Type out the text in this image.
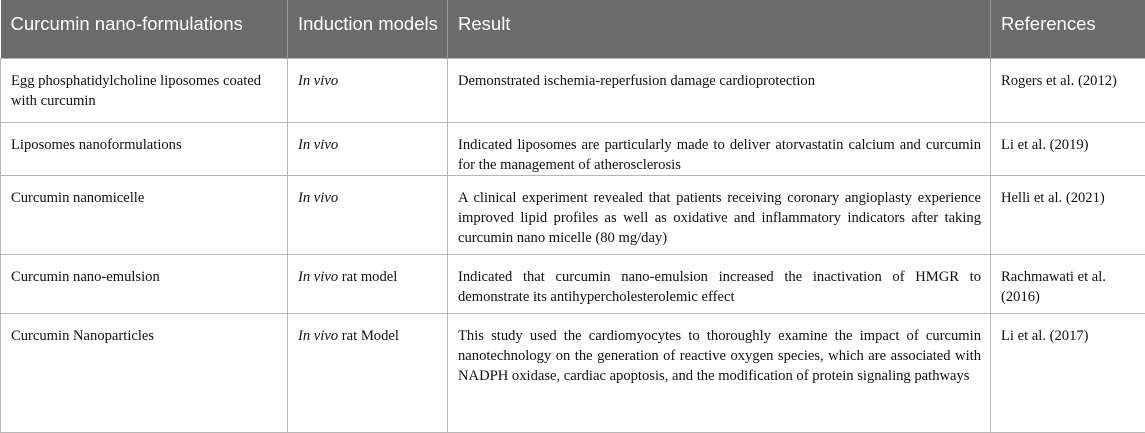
Curcumin nano-formulations	Induction models	Result	References
Egg phosphatidylcholine liposomes coated with curcumin	In vivo	Demonstrated ischemia-reperfusion damage cardioprotection	Rogers et al. (2012)
Liposomes nanoformulations	In vivo	Indicated liposomes are particularly made to deliver atorvastatin calcium and curcumin for the management of atherosclerosis	Li et al. (2019)
Curcumin nanomicelle	In vivo	A clinical experiment revealed that patients receiving coronary angioplasty experience improved lipid profiles as well as oxidative and inflammatory indicators after taking curcumin nano micelle (80 mg/day)	Helli et al. (2021)
Curcumin nano-emulsion	In vivo rat model	Indicated that curcumin nano-emulsion increased the inactivation of HMGR to demonstrate its antihypercholesterolemic effect	Rachmawati et al. (2016)
Curcumin Nanoparticles	In vivo rat Model	This study used the cardiomyocytes to thoroughly examine the impact of curcumin nanotechnology on the generation of reactive oxygen species, which are associated with NADPH oxidase, cardiac apoptosis, and the modification of protein signaling pathways	Li et al. (2017)
